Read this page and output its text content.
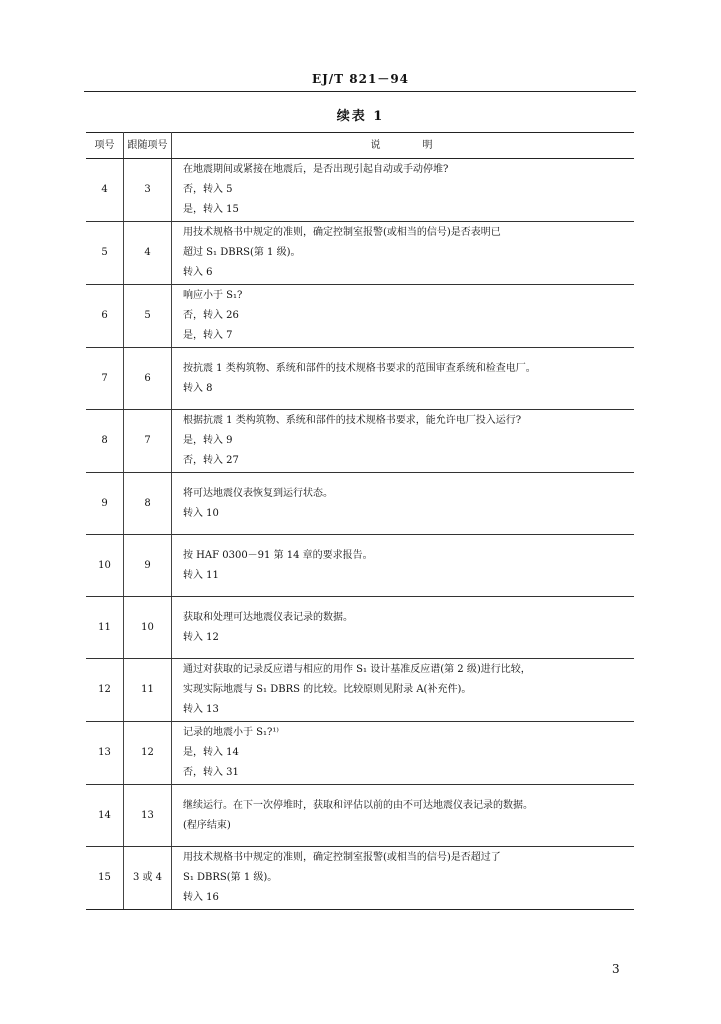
EJ/T 821－94
续表 1
项号	跟随项号	说　　　明
4	3	在地震期间或紧接在地震后，是否出现引起自动或手动停堆?
否，转入 5
是，转入 15

5	4	用技术规格书中规定的准则，确定控制室报警(或相当的信号)是否表明已
超过 S₁ DBRS(第 1 级)。
转入 6

6	5	响应小于 S₁?
否，转入 26
是，转入 7

7	6	按抗震 1 类构筑物、系统和部件的技术规格书要求的范围审查系统和检查电厂。
转入 8

8	7	根据抗震 1 类构筑物、系统和部件的技术规格书要求，能允许电厂投入运行?
是，转入 9
否，转入 27

9	8	将可达地震仪表恢复到运行状态。
转入 10

10	9	按 HAF 0300－91 第 14 章的要求报告。
转入 11

11	10	获取和处理可达地震仪表记录的数据。
转入 12

12	11	通过对获取的记录反应谱与相应的用作 S₁ 设计基准反应谱(第 2 级)进行比较，
实现实际地震与 S₁ DBRS 的比较。比较原则见附录 A(补充件)。
转入 13

13	12	记录的地震小于 S₁?¹⁾
是，转入 14
否，转入 31

14	13	继续运行。在下一次停堆时，获取和评估以前的由不可达地震仪表记录的数据。
(程序结束)

15	3 或 4	用技术规格书中规定的准则，确定控制室报警(或相当的信号)是否超过了
S₁ DBRS(第 1 级)。
转入 16
3
